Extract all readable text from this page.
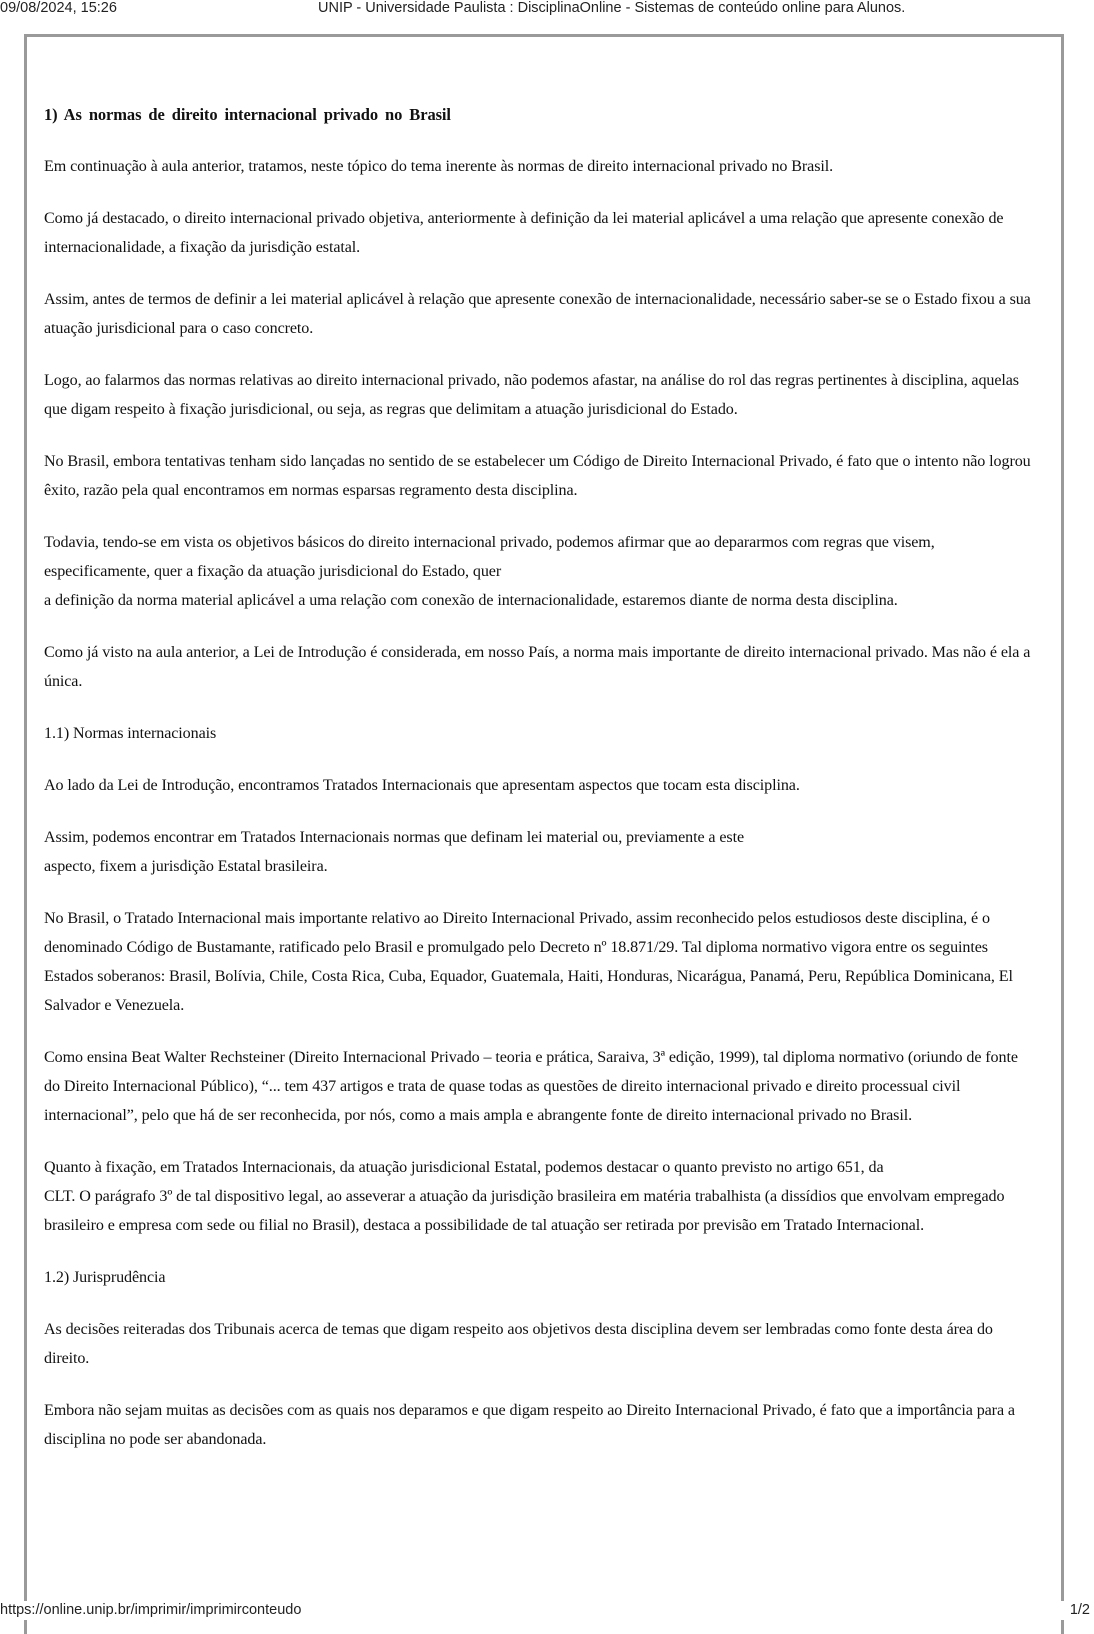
09/08/2024, 15:26	UNIP - Universidade Paulista : DisciplinaOnline - Sistemas de conteúdo online para Alunos.
1) As normas de direito internacional privado no Brasil

Em continuação à aula anterior, tratamos, neste tópico do tema inerente às normas de direito internacional privado no Brasil.

Como já destacado, o direito internacional privado objetiva, anteriormente à definição da lei material aplicável a uma relação que apresente conexão de internacionalidade, a fixação da jurisdição estatal.

Assim, antes de termos de definir a lei material aplicável à relação que apresente conexão de internacionalidade, necessário saber-se se o Estado fixou a sua atuação jurisdicional para o caso concreto.

Logo, ao falarmos das normas relativas ao direito internacional privado, não podemos afastar, na análise do rol das regras pertinentes à disciplina, aquelas que digam respeito à fixação jurisdicional, ou seja, as regras que delimitam a atuação jurisdicional do Estado.

No Brasil, embora tentativas tenham sido lançadas no sentido de se estabelecer um Código de Direito Internacional Privado, é fato que o intento não logrou êxito, razão pela qual encontramos em normas esparsas regramento desta disciplina.

Todavia, tendo-se em vista os objetivos básicos do direito internacional privado, podemos afirmar que ao depararmos com regras que visem, especificamente, quer a fixação da atuação jurisdicional do Estado, quer
a definição da norma material aplicável a uma relação com conexão de internacionalidade, estaremos diante de norma desta disciplina.

Como já visto na aula anterior, a Lei de Introdução é considerada, em nosso País, a norma mais importante de direito internacional privado. Mas não é ela a única.

1.1) Normas internacionais

Ao lado da Lei de Introdução, encontramos Tratados Internacionais que apresentam aspectos que tocam esta disciplina.

Assim, podemos encontrar em Tratados Internacionais normas que definam lei material ou, previamente a este
aspecto, fixem a jurisdição Estatal brasileira.

No Brasil, o Tratado Internacional mais importante relativo ao Direito Internacional Privado, assim reconhecido pelos estudiosos deste disciplina, é o denominado Código de Bustamante, ratificado pelo Brasil e promulgado pelo Decreto nº 18.871/29. Tal diploma normativo vigora entre os seguintes Estados soberanos: Brasil, Bolívia, Chile, Costa Rica, Cuba, Equador, Guatemala, Haiti, Honduras, Nicarágua, Panamá, Peru, República Dominicana, El Salvador e Venezuela.

Como ensina Beat Walter Rechsteiner (Direito Internacional Privado – teoria e prática, Saraiva, 3ª edição, 1999), tal diploma normativo (oriundo de fonte do Direito Internacional Público), “... tem 437 artigos e trata de quase todas as questões de direito internacional privado e direito processual civil internacional”, pelo que há de ser reconhecida, por nós, como a mais ampla e abrangente fonte de direito internacional privado no Brasil.

Quanto à fixação, em Tratados Internacionais, da atuação jurisdicional Estatal, podemos destacar o quanto previsto no artigo 651, da
CLT. O parágrafo 3º de tal dispositivo legal, ao asseverar a atuação da jurisdição brasileira em matéria trabalhista (a dissídios que envolvam empregado brasileiro e empresa com sede ou filial no Brasil), destaca a possibilidade de tal atuação ser retirada por previsão em Tratado Internacional.

1.2) Jurisprudência

As decisões reiteradas dos Tribunais acerca de temas que digam respeito aos objetivos desta disciplina devem ser lembradas como fonte desta área do direito.

Embora não sejam muitas as decisões com as quais nos deparamos e que digam respeito ao Direito Internacional Privado, é fato que a importância para a disciplina no pode ser abandonada.

https://online.unip.br/imprimir/imprimirconteudo	1/2
